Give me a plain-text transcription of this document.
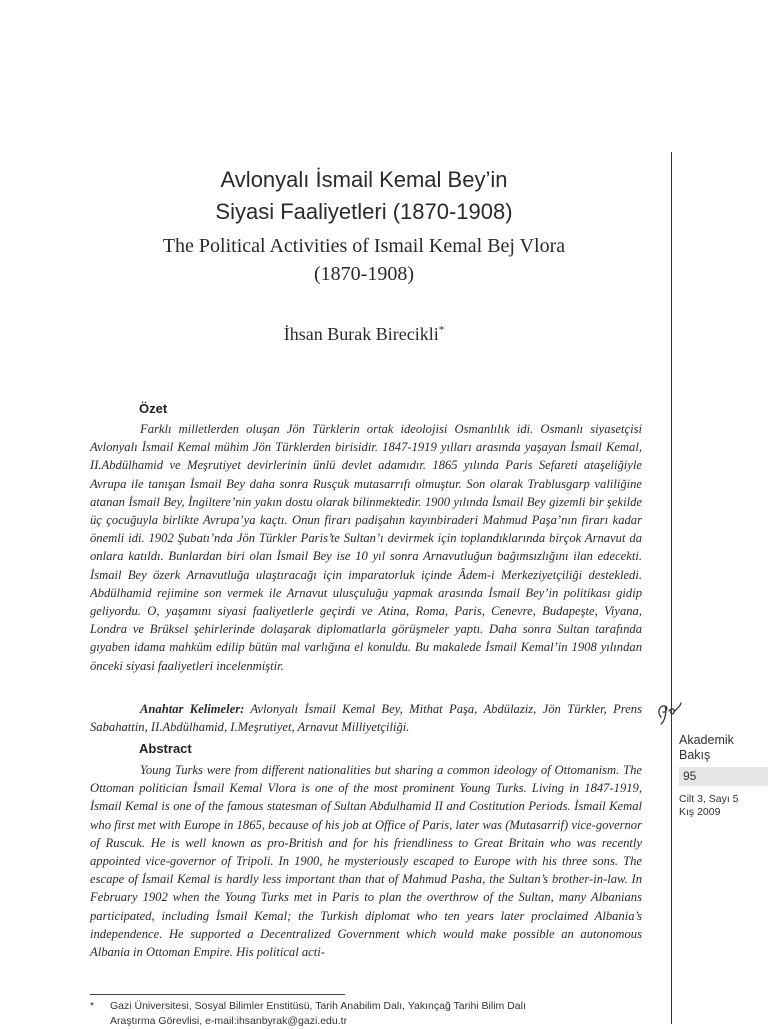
Avlonyalı İsmail Kemal Bey’in
Siyasi Faaliyetleri (1870-1908)
The Political Activities of Ismail Kemal Bej Vlora
(1870-1908)
İhsan Burak Birecikli*
Özet

Farklı milletlerden oluşan Jön Türklerin ortak ideolojisi Osmanlılık idi. Osmanlı siyasetçisi Avlonyalı İsmail Kemal mühim Jön Türklerden birisidir. 1847-1919 yılları arasında yaşayan İsmail Kemal, II.Abdülhamid ve Meşrutiyet devirlerinin ünlü devlet adamıdır. 1865 yılında Paris Sefareti ataşeliğiyle Avrupa ile tanışan İsmail Bey daha sonra Rusçuk mutasarrıfı olmuştur. Son olarak Trablusgarp valiliğine atanan İsmail Bey, İngiltere’nin yakın dostu olarak bilinmektedir. 1900 yılında İsmail Bey gizemli bir şekilde üç çocuğuyla birlikte Avrupa’ya kaçtı. Onun firarı padişahın kayınbiraderi Mahmud Paşa’nın firarı kadar önemli idi. 1902 Şubatı’nda Jön Türkler Paris’te Sultan’ı devirmek için toplandıklarında birçok Arnavut da onlara katıldı. Bunlardan biri olan İsmail Bey ise 10 yıl sonra Arnavutluğun bağımsızlığını ilan edecekti. İsmail Bey özerk Arnavutluğa ulaştıracağı için imparatorluk içinde Âdem-i Merkeziyetçiliği destekledi. Abdülhamid rejimine son vermek ile Arnavut ulusçuluğu yapmak arasında İsmail Bey’in politikası gidip geliyordu. O, yaşamını siyasi faaliyetlerle geçirdi ve Atina, Roma, Paris, Cenevre, Budapeşte, Viyana, Londra ve Brüksel şehirlerinde dolaşarak diplomatlarla görüşmeler yaptı. Daha sonra Sultan tarafında gıyaben idama mahküm edilip bütün mal varlığına el konuldu. Bu makalede İsmail Kemal’in 1908 yılından önceki siyasi faaliyetleri incelenmiştir.

Anahtar Kelimeler: Avlonyalı İsmail Kemal Bey, Mithat Paşa, Abdülaziz, Jön Türkler, Prens Sabahattin, II.Abdülhamid, I.Meşrutiyet, Arnavut Milliyetçiliği.

Abstract

Young Turks were from different nationalities but sharing a common ideology of Ottomanism. The Ottoman politician İsmail Kemal Vlora is one of the most prominent Young Turks. Living in 1847-1919, İsmail Kemal is one of the famous statesman of Sultan Abdulhamid II and Costitution Periods. İsmail Kemal who first met with Europe in 1865, because of his job at Office of Paris, later was (Mutasarrif) vice-governor of Ruscuk. He is well known as pro-British and for his friendliness to Great Britain who was recently appointed vice-governor of Tripoli. In 1900, he mysteriously escaped to Europe with his three sons. The escape of İsmail Kemal is hardly less important than that of Mahmud Pasha, the Sultan’s brother-in-law. In February 1902 when the Young Turks met in Paris to plan the overthrow of the Sultan, many Albanians participated, including İsmail Kemal; the Turkish diplomat who ten years later proclaimed Albania’s independence. He supported a Decentralized Government which would make possible an autonomous Albania in Ottoman Empire. His political acti-

Akademik
Bakış
95
Cilt 3, Sayı 5
Kış 2009
* Gazi Üniversitesi, Sosyal Bilimler Enstitüsü, Tarih Anabilim Dalı, Yakınçağ Tarihi Bilim Dalı
Araştırma Görevlisi, e-mail:ihsanbyrak@gazi.edu.tr
